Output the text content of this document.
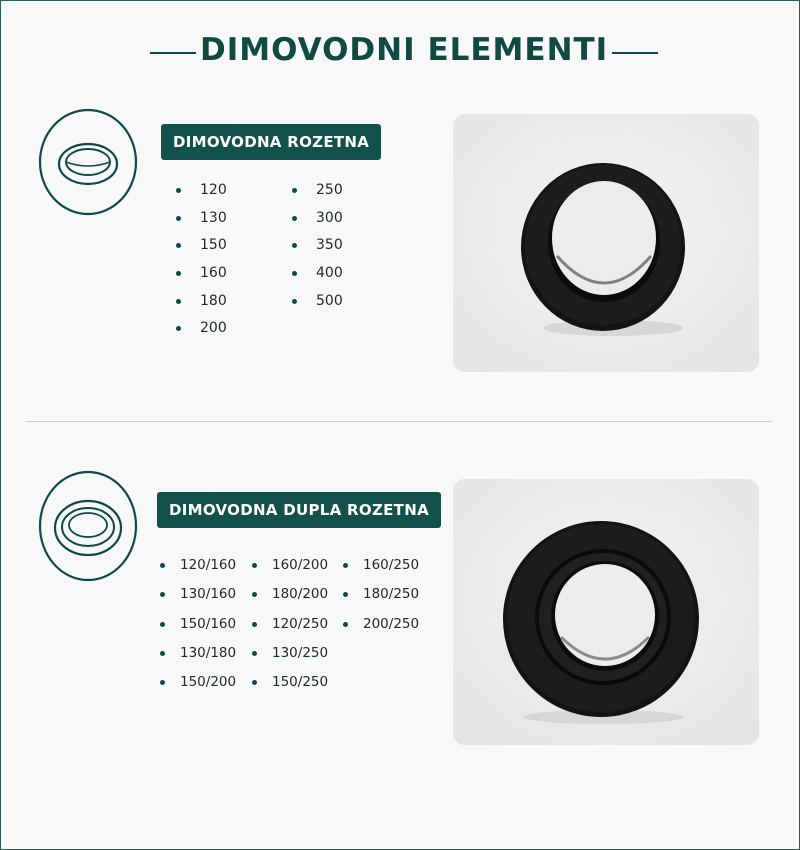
DIMOVODNI ELEMENTI
DIMOVODNA ROZETNA
120
130
150
160
180
200
250
300
350
400
500
DIMOVODNA DUPLA ROZETNA
120/160
130/160
150/160
130/180
150/200
160/200
180/200
120/250
130/250
150/250
160/250
180/250
200/250
